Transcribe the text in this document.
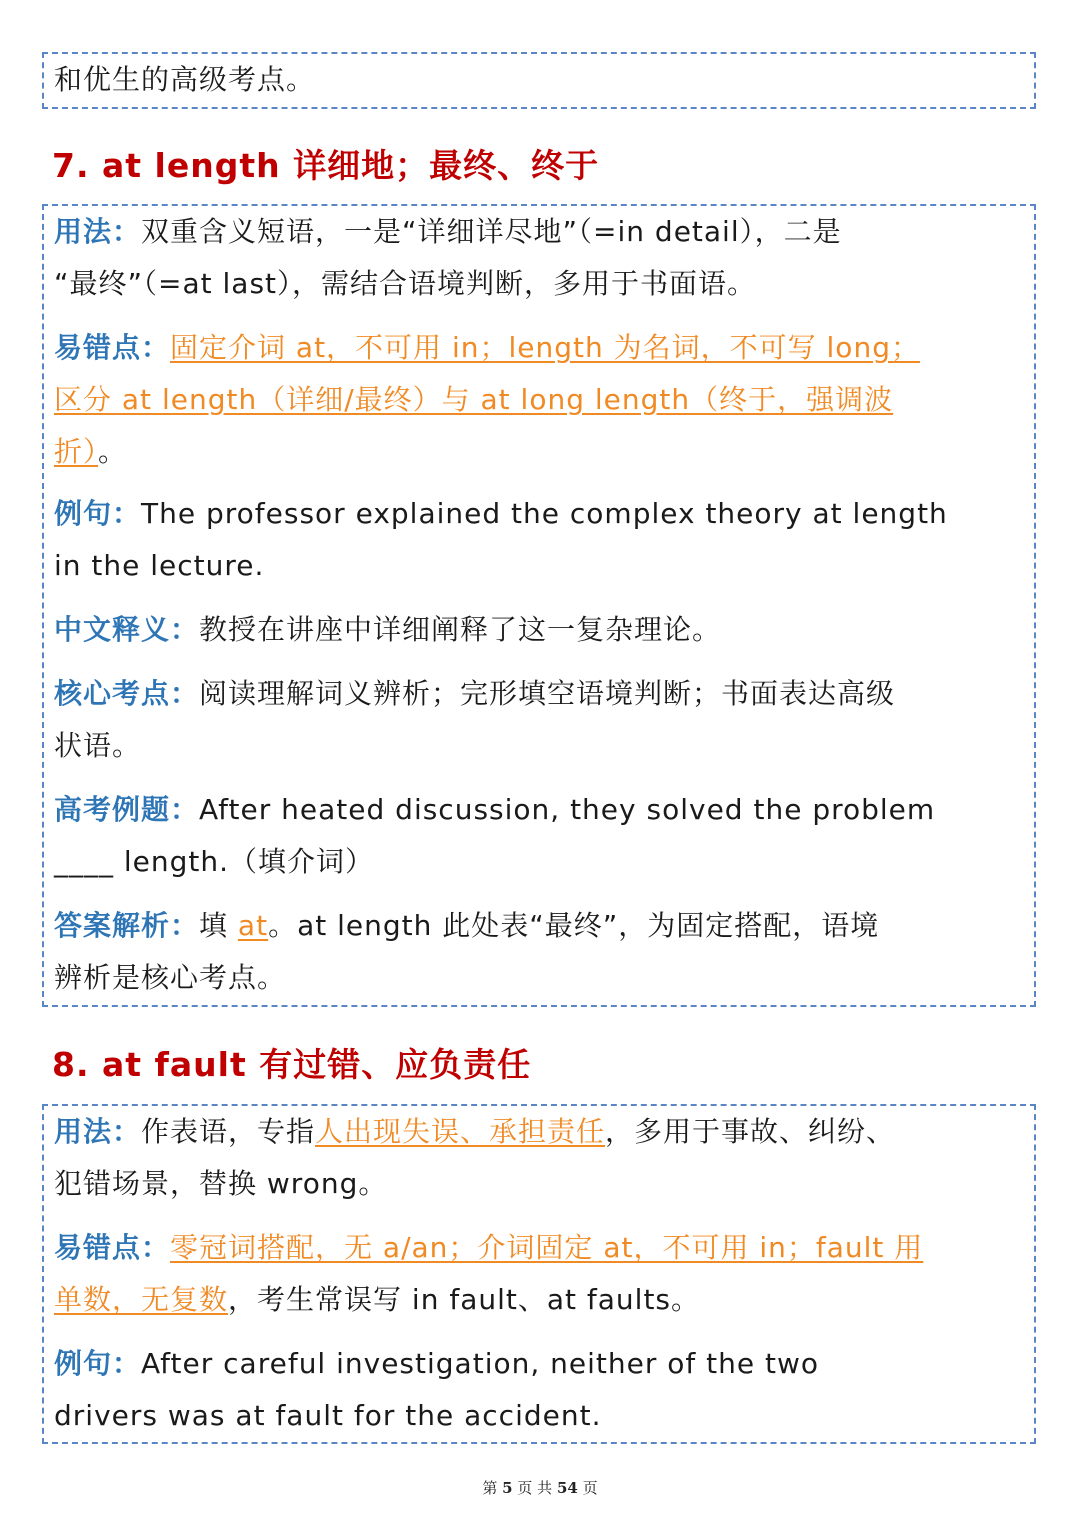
和优生的高级考点。
7. at length 详细地；最终、终于
用法：双重含义短语，一是“详细详尽地”（=in detail），二是
“最终”（=at last），需结合语境判断，多用于书面语。
易错点：固定介词 at，不可用 in；length 为名词，不可写 long；
区分 at length（详细/最终）与 at long length（终于，强调波
折）。
例句：The professor explained the complex theory at length
in the lecture.
中文释义：教授在讲座中详细阐释了这一复杂理论。
核心考点：阅读理解词义辨析；完形填空语境判断；书面表达高级
状语。
高考例题：After heated discussion, they solved the problem
____ length.（填介词）
答案解析：填 at。at length 此处表“最终”，为固定搭配，语境
辨析是核心考点。
8. at fault 有过错、应负责任
用法：作表语，专指人出现失误、承担责任，多用于事故、纠纷、
犯错场景，替换 wrong。
易错点：零冠词搭配，无 a/an；介词固定 at，不可用 in；fault 用
单数，无复数，考生常误写 in fault、at faults。
例句：After careful investigation, neither of the two
drivers was at fault for the accident.
第 5 页 共 54 页
